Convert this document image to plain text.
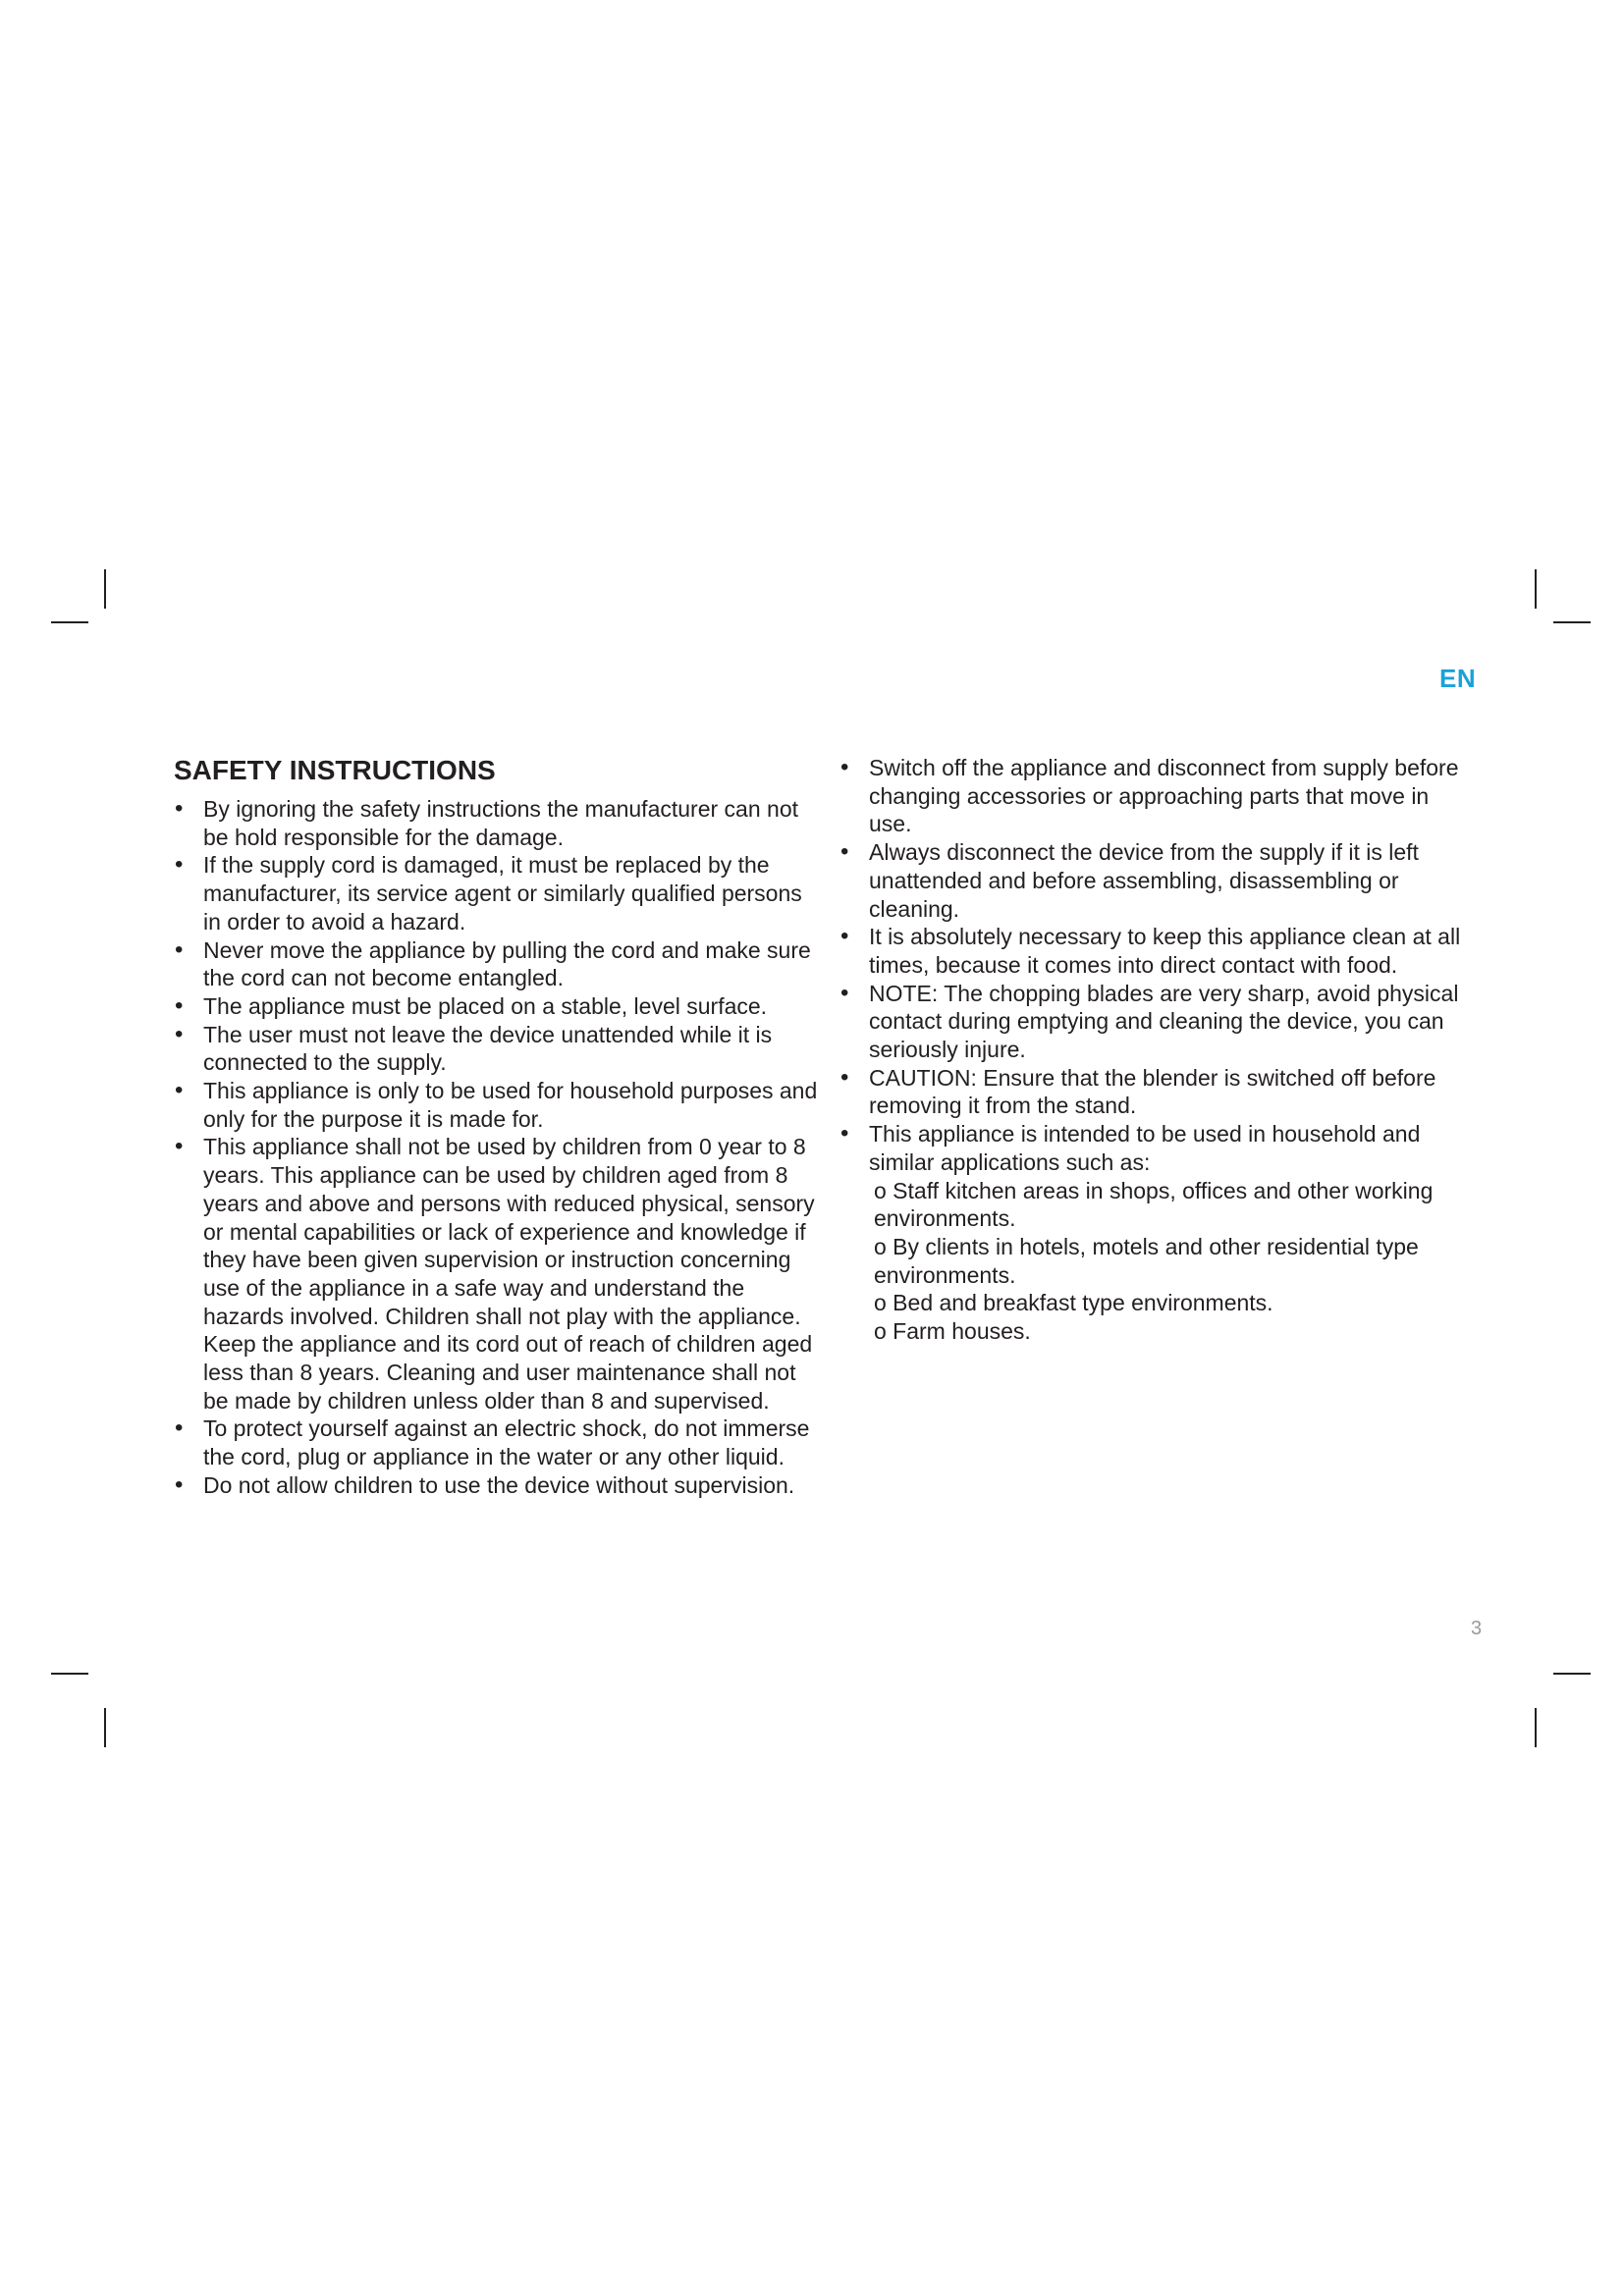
EN
SAFETY INSTRUCTIONS
• By ignoring the safety instructions the manufacturer can not be hold responsible for the damage.
• If the supply cord is damaged, it must be replaced by the manufacturer, its service agent or similarly qualified persons in order to avoid a hazard.
• Never move the appliance by pulling the cord and make sure the cord can not become entangled.
• The appliance must be placed on a stable, level surface.
• The user must not leave the device unattended while it is connected to the supply.
• This appliance is only to be used for household purposes and only for the purpose it is made for.
• This appliance shall not be used by children from 0 year to 8 years. This appliance can be used by children aged from 8 years and above and persons with reduced physical, sensory or mental capabilities or lack of experience and knowledge if they have been given supervision or instruction concerning use of the appliance in a safe way and understand the hazards involved. Children shall not play with the appliance. Keep the appliance and its cord out of reach of children aged less than 8 years. Cleaning and user maintenance shall not be made by children unless older than 8 and supervised.
• To protect yourself against an electric shock, do not immerse the cord, plug or appliance in the water or any other liquid.
• Do not allow children to use the device without supervision.
• Switch off the appliance and disconnect from supply before changing accessories or approaching parts that move in use.
• Always disconnect the device from the supply if it is left unattended and before assembling, disassembling or cleaning.
• It is absolutely necessary to keep this appliance clean at all times, because it comes into direct contact with food.
• NOTE: The chopping blades are very sharp, avoid physical contact during emptying and cleaning the device, you can seriously injure.
• CAUTION: Ensure that the blender is switched off before removing it from the stand.
• This appliance is intended to be used in household and similar applications such as:
o Staff kitchen areas in shops, offices and other working environments.
o By clients in hotels, motels and other residential type environments.
o Bed and breakfast type environments.
o Farm houses.
3
